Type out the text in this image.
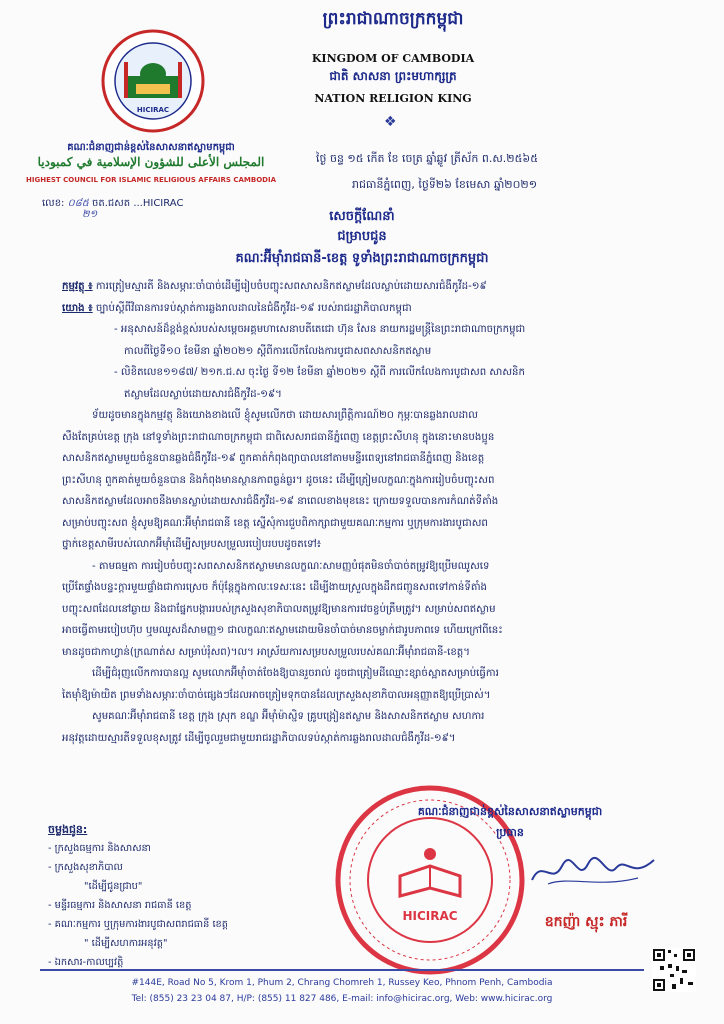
HICIRAC
គណៈជំនាញជាន់ខ្ពស់នៃសាសនាឥស្លាមកម្ពុជា
المجلس الأعلى للشؤون الإسلامية في كمبوديا
HIGHEST COUNCIL FOR ISLAMIC RELIGIOUS AFFAIRS CAMBODIA
លេខ: ០៨៥ ចត.ជសត ...HICIRAC
២១
ព្រះរាជាណាចក្រកម្ពុជា
KINGDOM OF CAMBODIA
ជាតិ សាសនា ព្រះមហាក្សត្រ
NATION RELIGION KING
❖
ថ្ងៃ ចន្ទ ១៥ កើត ខែ ចេត្រ ឆ្នាំឆ្លូវ ត្រីស័ក ព.ស.២៥៦៥
រាជធានីភ្នំពេញ, ថ្ងៃទី២៦ ខែមេសា ឆ្នាំ២០២១
សេចក្តីណែនាំ
ជម្រាបជូន
គណៈអ៊ីមុាំរាជធានី-ខេត្ត ទូទាំងព្រះរាជាណាចក្រកម្ពុជា

កម្មវត្ថុ ៖ ការត្រៀមស្មារតី និងសម្ភារៈចាំបាច់ដើម្បីរៀបចំបញ្ចុះសពសាសនិកឥស្លាមដែលស្លាប់ដោយសារជំងឺកូវីដ-១៩

យោង ៖ ច្បាប់ស្តីពីវិធានការទប់ស្កាត់ការឆ្លងរាលដាលនៃជំងឺកូវីដ-១៩ របស់រាជរដ្ឋាភិបាលកម្ពុជា

- អនុសាសន៍ដ៏ខ្ពង់ខ្ពស់របស់សម្តេចអគ្គមហាសេនាបតីតេជោ ហ៊ុន សែន នាយករដ្ឋមន្រ្តីនៃព្រះរាជាណាចក្រកម្ពុជា

កាលពីថ្ងៃទី១០ ខែមីនា ឆ្នាំ២០២១ ស្តីពីការលើកលែងការបូជាសពសាសនិកឥស្លាម

- លិខិតលេខ១១៨៧/ ២១ក.ជ.ស ចុះថ្ងៃ ទី១២ ខែមីនា ឆ្នាំ២០២១ ស្តីពី ការលើកលែងការបូជាសព សាសនិក

ឥស្លាមដែលស្លាប់ដោយសារជំងឺកូវីដ-១៩។

ទ័យដូចមានក្នុងកម្មវត្ថុ និងយោងខាងលើ ខ្ញុំសូមលើកថា ដោយសារព្រឹត្តិការណ៍២០ កុម្ភៈបានឆ្លងរាលដាល

សឹងតែគ្រប់ខេត្ត ក្រុង នៅទូទាំងព្រះរាជាណាចក្រកម្ពុជា ជាពិសេសរាជធានីភ្នំពេញ ខេត្តព្រះសីហនុ ក្នុងនោះមានបងប្អូន

សាសនិកឥស្លាមមួយចំនួនបានឆ្លងជំងឺកូវីដ-១៩ ពួកគាត់កំពុងព្យាបាលនៅតាមមន្ទីរពេទ្យនៅរាជធានីភ្នំពេញ និងខេត្ត

ព្រះសីហនុ ពួកគាត់មួយចំនួនបាន និងកំពុងមានស្ថានភាពធ្ងន់ធ្ងរ។ ដូចនេះ ដើម្បីត្រៀមលក្ខណៈក្នុងការរៀបចំបញ្ចុះសព

សាសនិកឥស្លាមដែលអាចនឹងមានស្លាប់ដោយសារជំងឺកូវីដ-១៩ នាពេលខាងមុខនេះ ក្រោយទទួលបានការកំណត់ទីតាំង

សម្រាប់បញ្ចុះសព ខ្ញុំសូមឱ្យគណៈអ៊ីមុាំរាជធានី ខេត្ត ស្នើសុំការជួបពិភាក្សាជាមួយគណៈកម្មការ ឬក្រុមការងារបូជាសព

ថ្នាក់ខេត្តសាមីរបស់លោកអ៊ីមុាំដើម្បីសម្របសម្រួលរបៀបរបបដូចតទៅ៖

- តាមធម្មតា ការរៀបចំបញ្ចុះសពសាសនិកឥស្លាមមានលក្ខណៈសាមញ្ញបំផុតមិនចាំបាច់តម្រូវឱ្យប្រើមឈូសទេ

ប្រើតែផ្ទាំងបន្ទះក្តារមួយផ្ទាំងជាការស្រេច ក៏ប៉ុន្តែក្នុងកាលៈទេសៈនេះ ដើម្បីងាយស្រួលក្នុងដឹកជញ្ជូនសពទៅកាន់ទីតាំង

បញ្ចុះសពដែលនៅឆ្ងាយ និងជាផ្នែកបង្ការរបស់ក្រសួងសុខាភិបាលតម្រូវឱ្យមានការវេចខ្ចប់ត្រឹមត្រូវ។ សម្រាប់សពឥស្លាម

អាចធ្វើតាមរបៀបហ៊ុប ឬមឈូសដ៏សាមញ្ញ១ ជាលក្ខណៈឥស្លាមដោយមិនចាំបាច់មានចម្លាក់ជារូបភាពទេ ហើយក្រៅពីនេះ

មានដូចជាកាហ្វាន់(ក្រណាត់ស សម្រាប់រុំសព)។ល។ អាស្រ័យការសម្របសម្រួលរបស់គណៈអ៊ីមុាំរាជធានី-ខេត្ត។

ដើម្បីជំរុញលើកការបានល្អ សូមលោកអ៊ីមុាំចាត់ចែងឱ្យបានរួចរាល់ ដូចជាត្រៀមដីឈ្មោះខ្សាច់ស្អាតសម្រាប់ធ្វើការ

តៃម៉ាំឱ្យម៉ាយិត ព្រមទាំងសម្ភារៈចាំបាច់ផ្សេងៗដែលអាចត្រៀមទុកបានដែលក្រសួងសុខាភិបាលអនុញ្ញាតឱ្យប្រើប្រាស់។

សូមគណៈអ៊ីមុាំរាជធានី ខេត្ត ក្រុង ស្រុក ខណ្ឌ អ៊ីមុាំម៉ាស្ជិទ គ្រូបង្រៀនឥស្លាម និងសាសនិកឥស្លាម សហការ

អនុវត្តដោយស្មារតីទទួលខុសត្រូវ ដើម្បីចូលរួមជាមួយរាជរដ្ឋាភិបាលទប់ស្កាត់ការឆ្លងរាលដាលជំងឺកូវីដ-១៩។

HICIRAC
គណៈជំនាញជាន់ខ្ពស់នៃសាសនាឥស្លាមកម្ពុជា
ប្រធាន
ឧកញ៉ា ស្មុះ ភារី
ចម្លងជូន:
- ក្រសួងធម្មការ និងសាសនា
- ក្រសួងសុខាភិបាល
"ដើម្បីជូនជ្រាប"
- មន្ទីរធម្មការ និងសាសនា រាជធានី ខេត្ត
- គណៈកម្មការ ឬក្រុមការងារបូជាសពរាជធានី ខេត្ត
" ដើម្បីសហការអនុវត្ត"
- ឯកសារ-កាលប្បវត្តិ
#144E, Road No 5, Krom 1, Phum 2, Chrang Chomreh 1, Russey Keo, Phnom Penh, Cambodia
Tel: (855) 23 23 04 87, H/P: (855) 11 827 486, E-mail: info@hicirac.org, Web: www.hicirac.org
